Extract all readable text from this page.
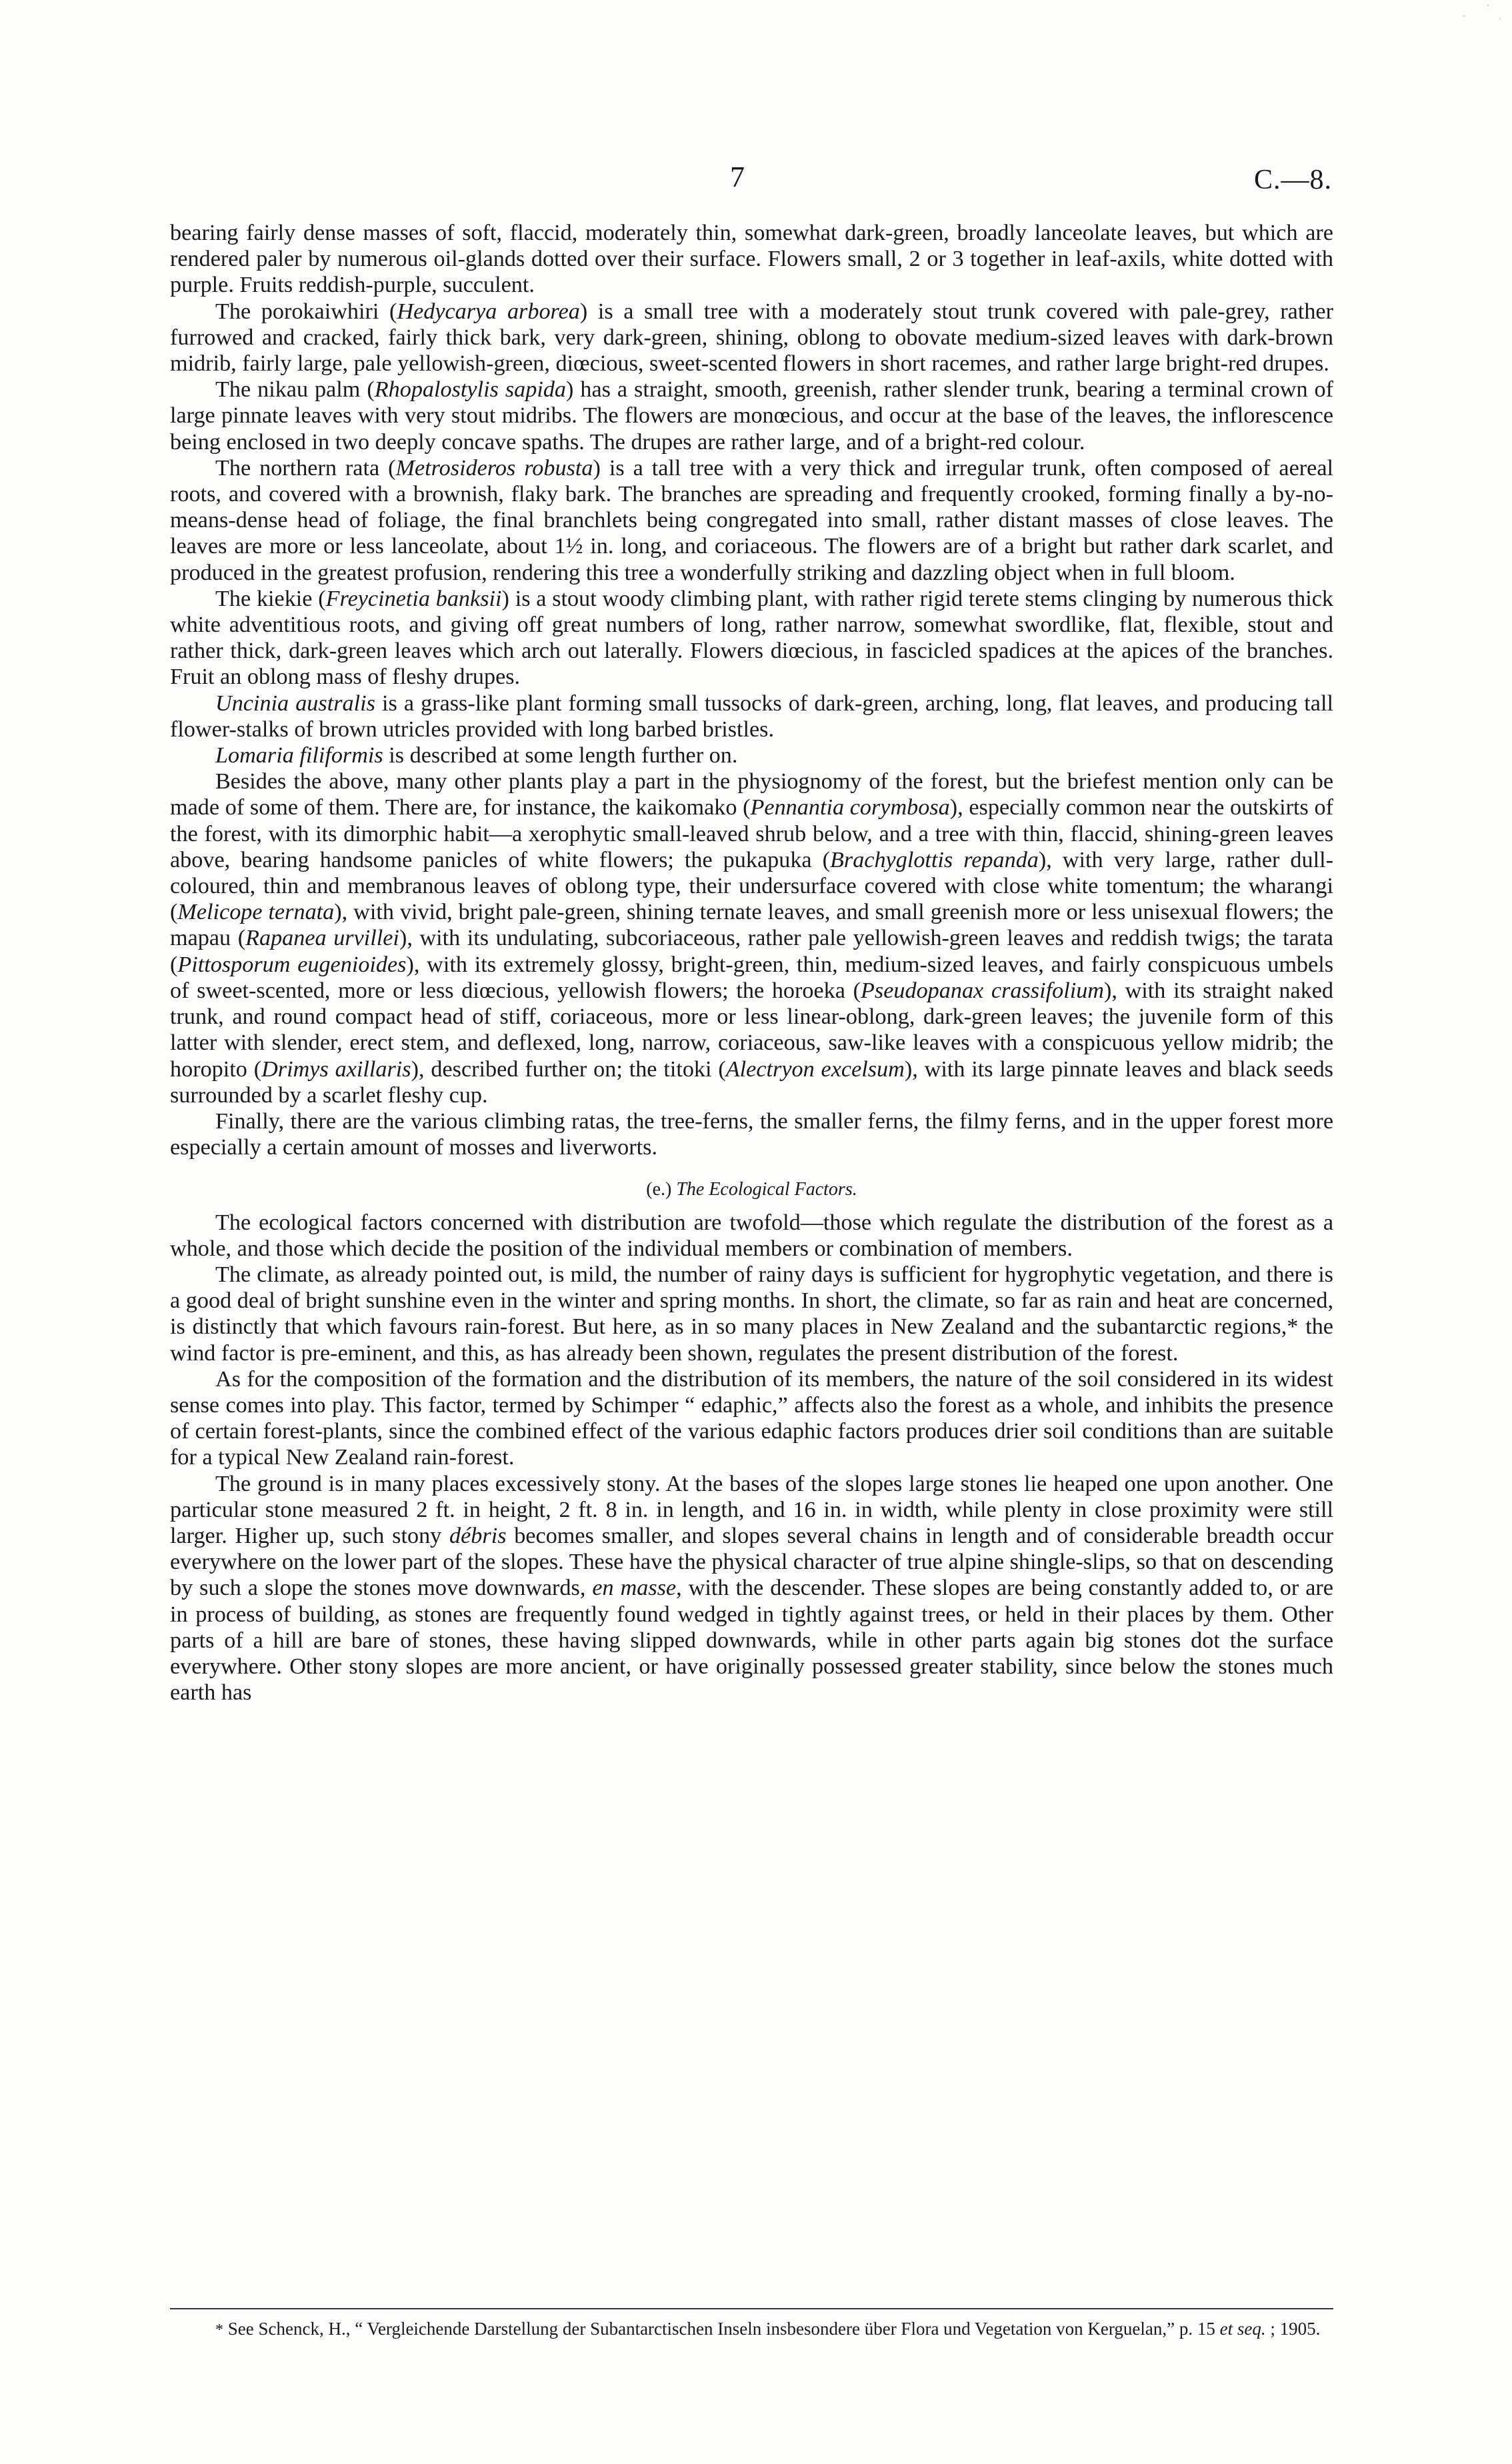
7	C.—8.

bearing fairly dense masses of soft, flaccid, moderately thin, somewhat dark-green, broadly lanceolate leaves, but which are rendered paler by numerous oil-glands dotted over their surface. Flowers small, 2 or 3 together in leaf-axils, white dotted with purple. Fruits reddish-purple, succulent.

The porokaiwhiri (Hedycarya arborea) is a small tree with a moderately stout trunk covered with pale-grey, rather furrowed and cracked, fairly thick bark, very dark-green, shining, oblong to obovate medium-sized leaves with dark-brown midrib, fairly large, pale yellowish-green, diœcious, sweet-scented flowers in short racemes, and rather large bright-red drupes.

The nikau palm (Rhopalostylis sapida) has a straight, smooth, greenish, rather slender trunk, bearing a terminal crown of large pinnate leaves with very stout midribs. The flowers are monœcious, and occur at the base of the leaves, the inflorescence being enclosed in two deeply concave spaths. The drupes are rather large, and of a bright-red colour.

The northern rata (Metrosideros robusta) is a tall tree with a very thick and irregular trunk, often composed of aereal roots, and covered with a brownish, flaky bark. The branches are spreading and frequently crooked, forming finally a by-no-means-dense head of foliage, the final branchlets being congregated into small, rather distant masses of close leaves. The leaves are more or less lanceolate, about 1½ in. long, and coriaceous. The flowers are of a bright but rather dark scarlet, and produced in the greatest profusion, rendering this tree a wonderfully striking and dazzling object when in full bloom.

The kiekie (Freycinetia banksii) is a stout woody climbing plant, with rather rigid terete stems clinging by numerous thick white adventitious roots, and giving off great numbers of long, rather narrow, somewhat swordlike, flat, flexible, stout and rather thick, dark-green leaves which arch out laterally. Flowers diœcious, in fascicled spadices at the apices of the branches. Fruit an oblong mass of fleshy drupes.

Uncinia australis is a grass-like plant forming small tussocks of dark-green, arching, long, flat leaves, and producing tall flower-stalks of brown utricles provided with long barbed bristles.

Lomaria filiformis is described at some length further on.

Besides the above, many other plants play a part in the physiognomy of the forest, but the briefest mention only can be made of some of them. There are, for instance, the kaikomako (Pennantia corymbosa), especially common near the outskirts of the forest, with its dimorphic habit—a xerophytic small-leaved shrub below, and a tree with thin, flaccid, shining-green leaves above, bearing handsome panicles of white flowers; the pukapuka (Brachyglottis repanda), with very large, rather dull-coloured, thin and membranous leaves of oblong type, their undersurface covered with close white tomentum; the wharangi (Melicope ternata), with vivid, bright pale-green, shining ternate leaves, and small greenish more or less unisexual flowers; the mapau (Rapanea urvillei), with its undulating, subcoriaceous, rather pale yellowish-green leaves and reddish twigs; the tarata (Pittosporum eugenioides), with its extremely glossy, bright-green, thin, medium-sized leaves, and fairly conspicuous umbels of sweet-scented, more or less diœcious, yellowish flowers; the horoeka (Pseudopanax crassifolium), with its straight naked trunk, and round compact head of stiff, coriaceous, more or less linear-oblong, dark-green leaves; the juvenile form of this latter with slender, erect stem, and deflexed, long, narrow, coriaceous, saw-like leaves with a conspicuous yellow midrib; the horopito (Drimys axillaris), described further on; the titoki (Alectryon excelsum), with its large pinnate leaves and black seeds surrounded by a scarlet fleshy cup.

Finally, there are the various climbing ratas, the tree-ferns, the smaller ferns, the filmy ferns, and in the upper forest more especially a certain amount of mosses and liverworts.

(e.) The Ecological Factors.

The ecological factors concerned with distribution are twofold—those which regulate the distribution of the forest as a whole, and those which decide the position of the individual members or combination of members.

The climate, as already pointed out, is mild, the number of rainy days is sufficient for hygrophytic vegetation, and there is a good deal of bright sunshine even in the winter and spring months. In short, the climate, so far as rain and heat are concerned, is distinctly that which favours rain-forest. But here, as in so many places in New Zealand and the subantarctic regions,* the wind factor is pre-eminent, and this, as has already been shown, regulates the present distribution of the forest.

As for the composition of the formation and the distribution of its members, the nature of the soil considered in its widest sense comes into play. This factor, termed by Schimper “ edaphic,” affects also the forest as a whole, and inhibits the presence of certain forest-plants, since the combined effect of the various edaphic factors produces drier soil conditions than are suitable for a typical New Zealand rain-forest.

The ground is in many places excessively stony. At the bases of the slopes large stones lie heaped one upon another. One particular stone measured 2 ft. in height, 2 ft. 8 in. in length, and 16 in. in width, while plenty in close proximity were still larger. Higher up, such stony débris becomes smaller, and slopes several chains in length and of considerable breadth occur everywhere on the lower part of the slopes. These have the physical character of true alpine shingle-slips, so that on descending by such a slope the stones move downwards, en masse, with the descender. These slopes are being constantly added to, or are in process of building, as stones are frequently found wedged in tightly against trees, or held in their places by them. Other parts of a hill are bare of stones, these having slipped downwards, while in other parts again big stones dot the surface everywhere. Other stony slopes are more ancient, or have originally possessed greater stability, since below the stones much earth has

* See Schenck, H., “ Vergleichende Darstellung der Subantarctischen Inseln insbesondere über Flora und Vegetation von Kerguelan,” p. 15 et seq. ; 1905.
